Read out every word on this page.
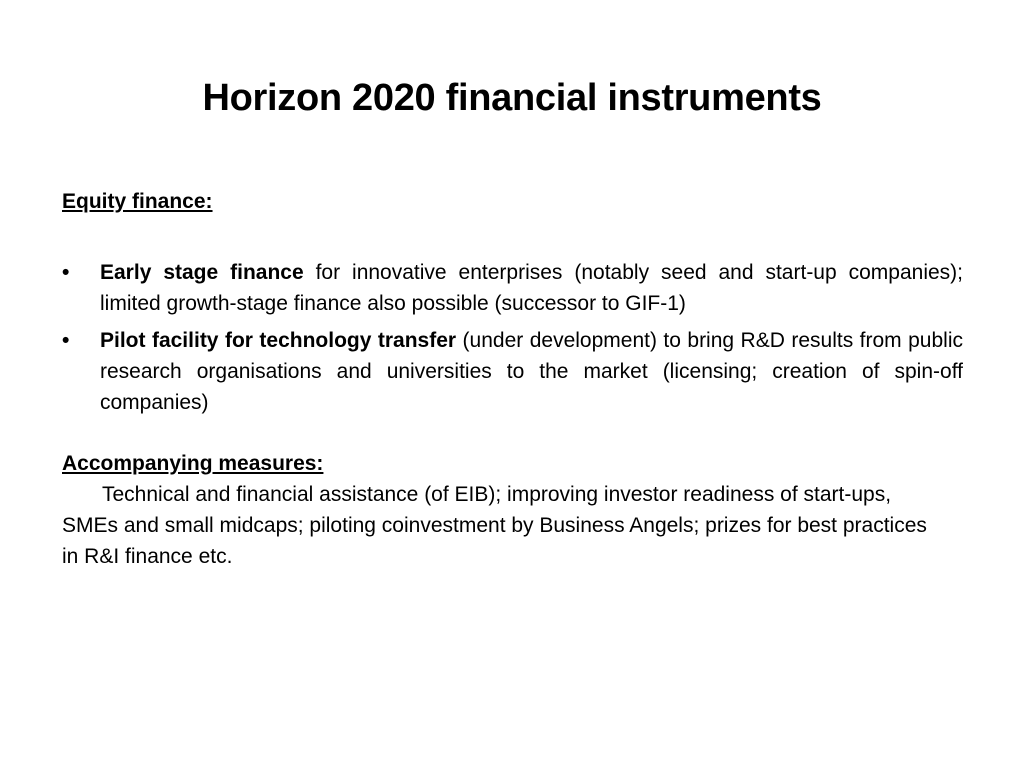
Horizon 2020 financial instruments

Equity finance:

•	Early stage finance for innovative enterprises (notably seed and start-up companies); limited growth-stage finance also possible (successor to GIF-1)
•	Pilot facility for technology transfer (under development) to bring R&D results from public research organisations and universities to the market (licensing; creation of spin-off companies)

Accompanying measures:

Technical and financial assistance (of EIB); improving investor readiness of start-ups, SMEs and small midcaps; piloting coinvestment by Business Angels; prizes for best practices in R&I finance etc.
